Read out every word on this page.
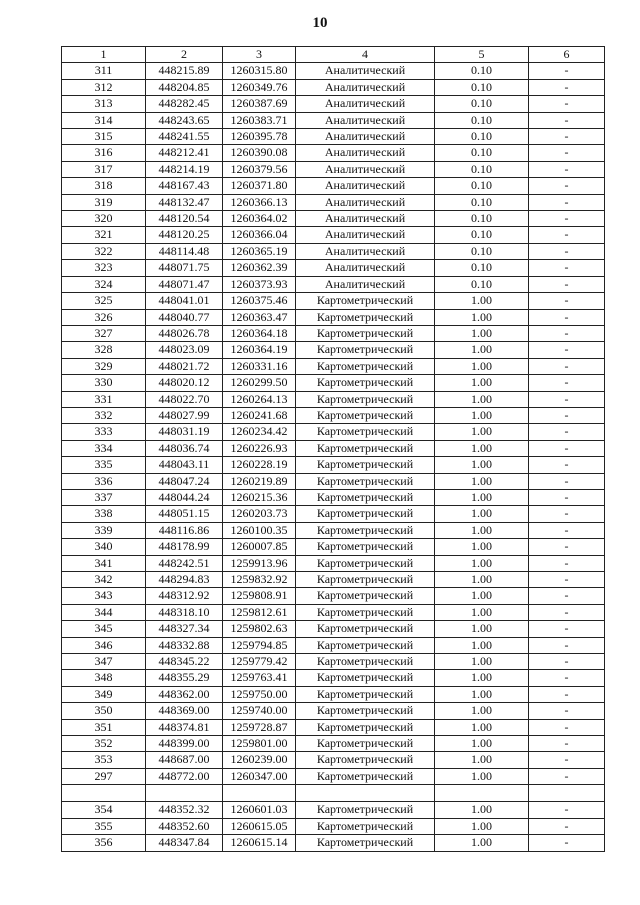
10
1	2	3	4	5	6
311	448215.89	1260315.80	Аналитический	0.10	-
312	448204.85	1260349.76	Аналитический	0.10	-
313	448282.45	1260387.69	Аналитический	0.10	-
314	448243.65	1260383.71	Аналитический	0.10	-
315	448241.55	1260395.78	Аналитический	0.10	-
316	448212.41	1260390.08	Аналитический	0.10	-
317	448214.19	1260379.56	Аналитический	0.10	-
318	448167.43	1260371.80	Аналитический	0.10	-
319	448132.47	1260366.13	Аналитический	0.10	-
320	448120.54	1260364.02	Аналитический	0.10	-
321	448120.25	1260366.04	Аналитический	0.10	-
322	448114.48	1260365.19	Аналитический	0.10	-
323	448071.75	1260362.39	Аналитический	0.10	-
324	448071.47	1260373.93	Аналитический	0.10	-
325	448041.01	1260375.46	Картометрический	1.00	-
326	448040.77	1260363.47	Картометрический	1.00	-
327	448026.78	1260364.18	Картометрический	1.00	-
328	448023.09	1260364.19	Картометрический	1.00	-
329	448021.72	1260331.16	Картометрический	1.00	-
330	448020.12	1260299.50	Картометрический	1.00	-
331	448022.70	1260264.13	Картометрический	1.00	-
332	448027.99	1260241.68	Картометрический	1.00	-
333	448031.19	1260234.42	Картометрический	1.00	-
334	448036.74	1260226.93	Картометрический	1.00	-
335	448043.11	1260228.19	Картометрический	1.00	-
336	448047.24	1260219.89	Картометрический	1.00	-
337	448044.24	1260215.36	Картометрический	1.00	-
338	448051.15	1260203.73	Картометрический	1.00	-
339	448116.86	1260100.35	Картометрический	1.00	-
340	448178.99	1260007.85	Картометрический	1.00	-
341	448242.51	1259913.96	Картометрический	1.00	-
342	448294.83	1259832.92	Картометрический	1.00	-
343	448312.92	1259808.91	Картометрический	1.00	-
344	448318.10	1259812.61	Картометрический	1.00	-
345	448327.34	1259802.63	Картометрический	1.00	-
346	448332.88	1259794.85	Картометрический	1.00	-
347	448345.22	1259779.42	Картометрический	1.00	-
348	448355.29	1259763.41	Картометрический	1.00	-
349	448362.00	1259750.00	Картометрический	1.00	-
350	448369.00	1259740.00	Картометрический	1.00	-
351	448374.81	1259728.87	Картометрический	1.00	-
352	448399.00	1259801.00	Картометрический	1.00	-
353	448687.00	1260239.00	Картометрический	1.00	-
297	448772.00	1260347.00	Картометрический	1.00	-

354	448352.32	1260601.03	Картометрический	1.00	-
355	448352.60	1260615.05	Картометрический	1.00	-
356	448347.84	1260615.14	Картометрический	1.00	-
